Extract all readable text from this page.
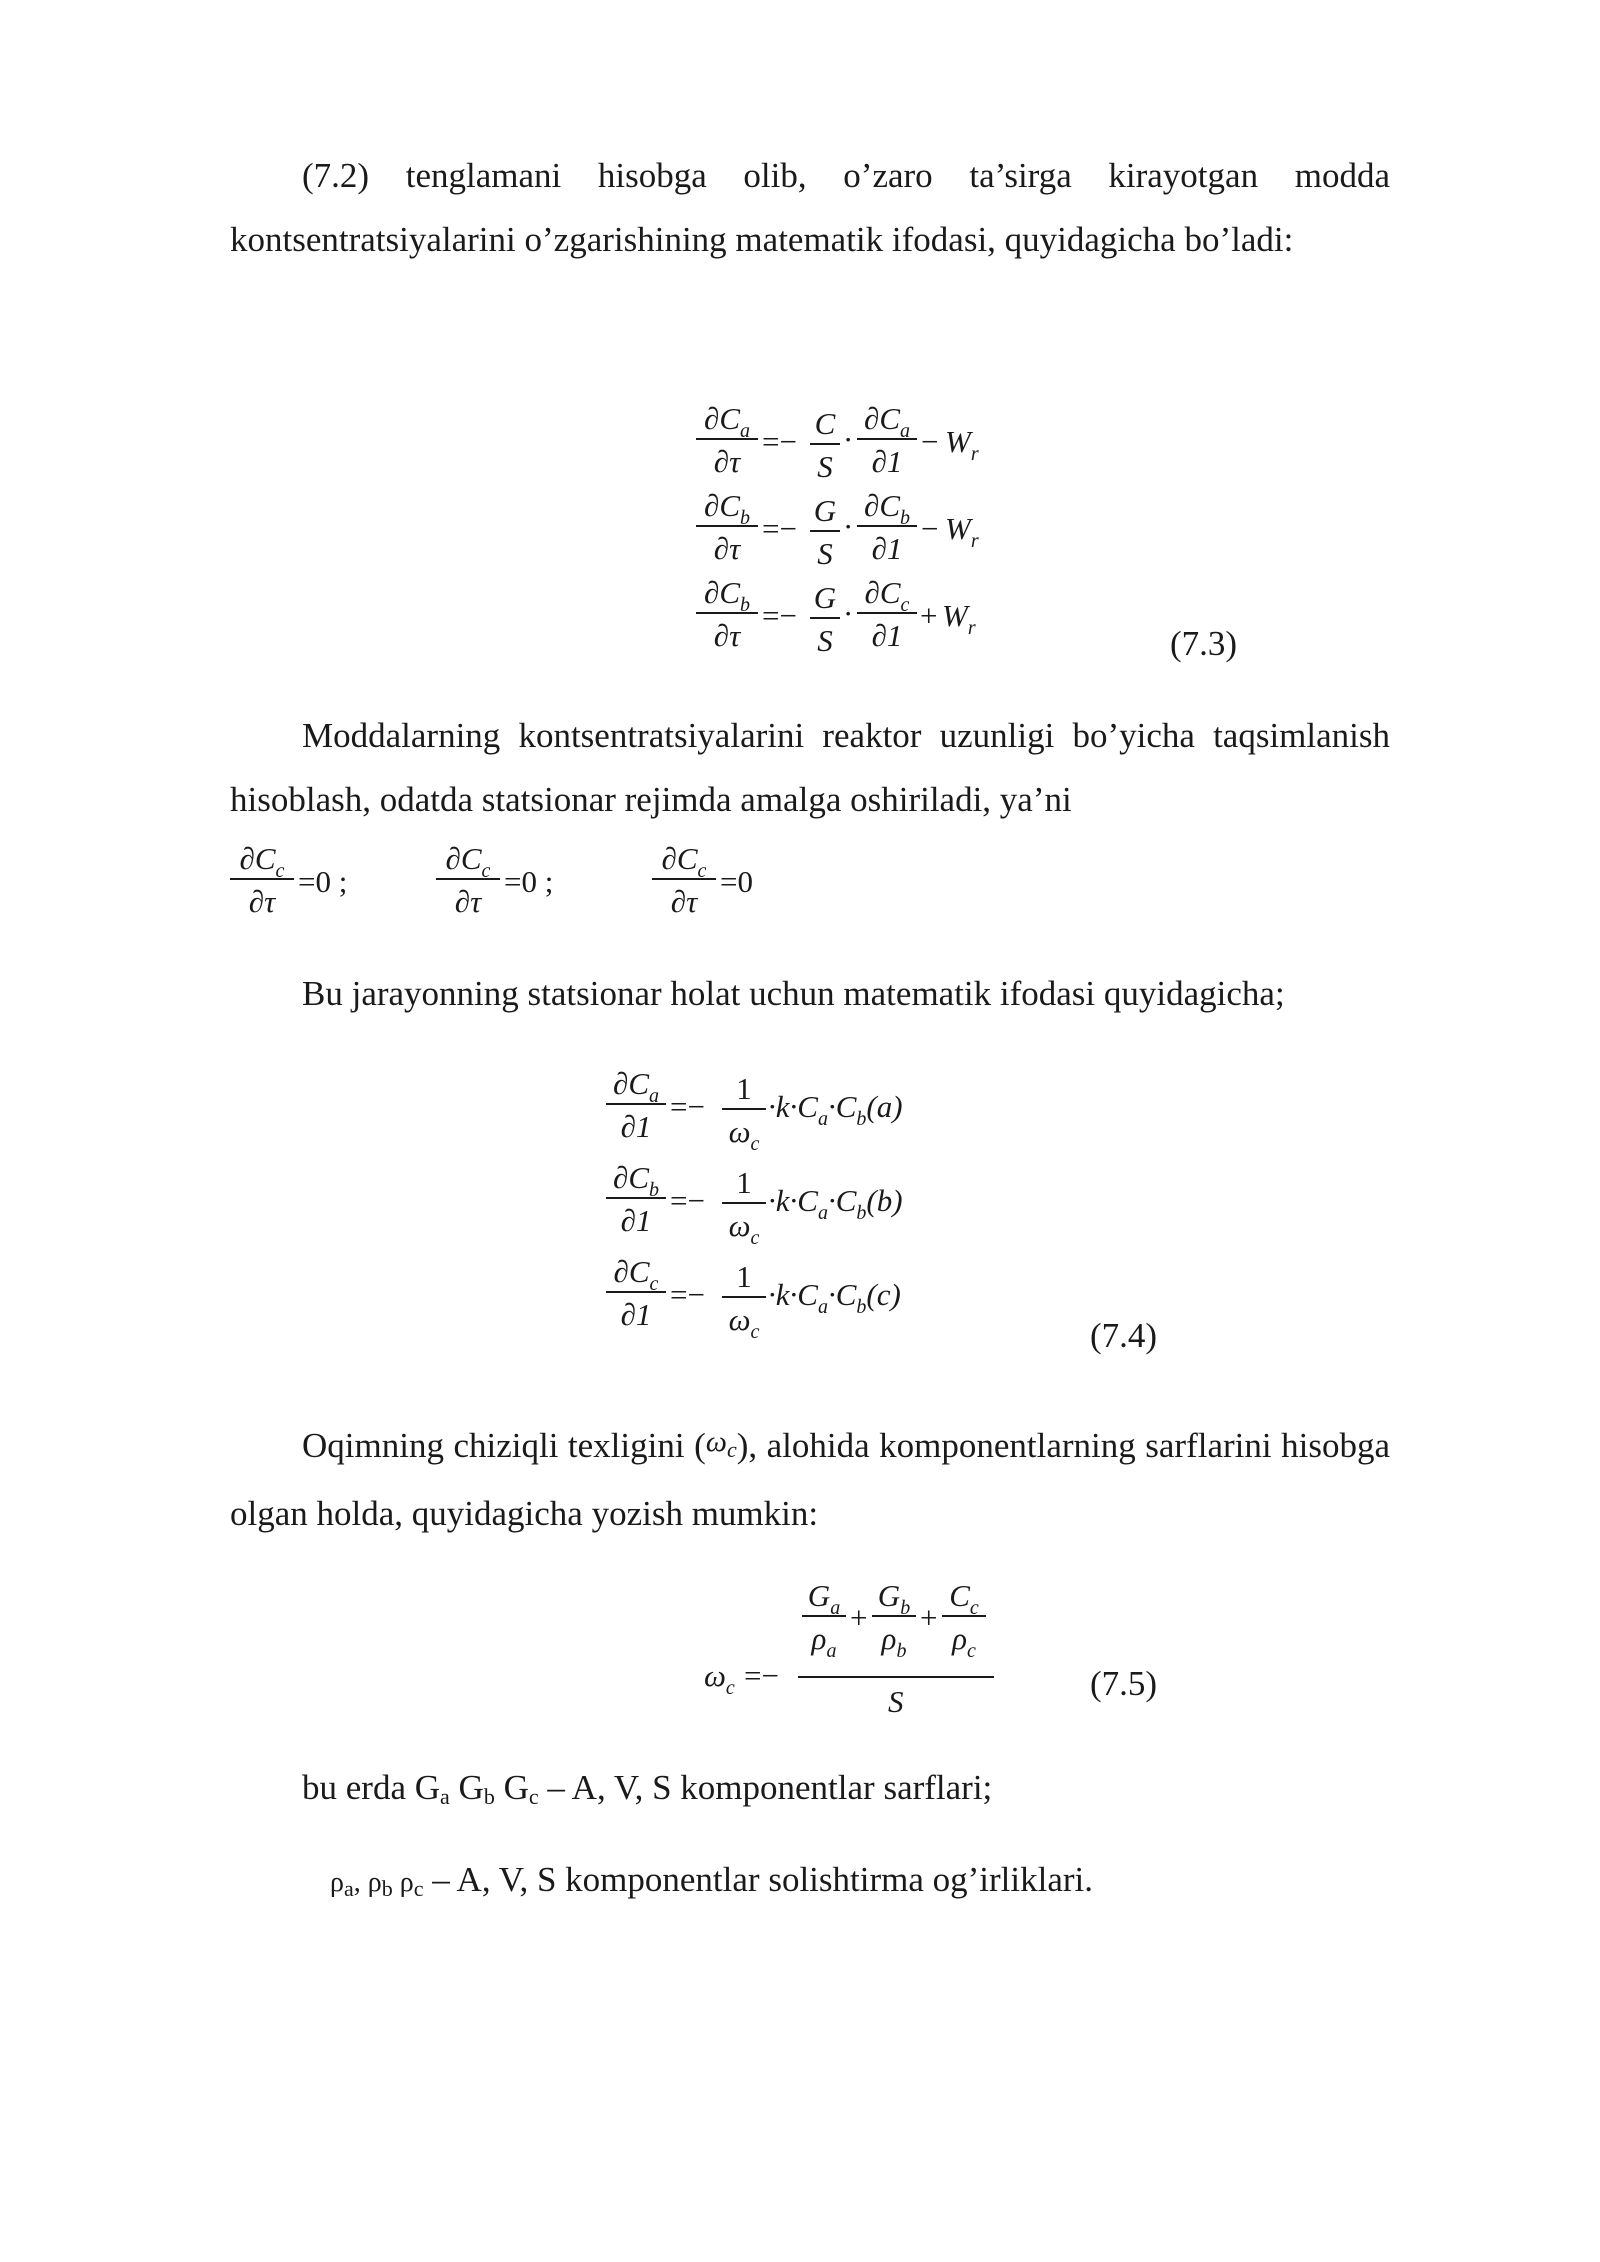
(7.2) tenglamani hisobga olib, o’zaro ta’sirga kirayotgan modda kontsentratsiyalarini o’zgarishining matematik ifodasi, quyidagicha bo’ladi:
$\partial C_a$
∂τ
=−
C
S
·
$\partial C_a$
∂1
− $W_r$
$\partial C_b$
∂τ
=−
G
S
·
$\partial C_b$
∂1
− $W_r$
$\partial C_b$
∂τ
=−
G
S
·
$\partial C_c$
∂1
+ $W_r$	(7.3)
Moddalarning kontsentratsiyalarini reaktor uzunligi bo’yicha taqsimlanish hisoblash, odatda statsionar rejimda amalga oshiriladi, ya’ni
$\partial C_c$
∂τ
=0 ;
$\partial C_c$
∂τ
=0 ;
$\partial C_c$
∂τ
=0
Bu jarayonning statsionar holat uchun matematik ifodasi quyidagicha;
$\partial C_a$
∂1
=−
1
$\omega_c$
$\cdot k\cdot C_a\cdot C_b(a)$
$\partial C_b$
∂1
=−
1
$\omega_c$
$\cdot k\cdot C_a\cdot C_b(b)$
$\partial C_c$
∂1
=−
1
$\omega_c$
$\cdot k\cdot C_a\cdot C_b(c)$
(7.4)
Oqimning chiziqli texligini (ωc), alohida komponentlarning sarflarini hisobga olgan holda, quyidagicha yozish mumkin:
$\omega_c$ =−
$G_a$
$\rho_a$
+
$G_b$
$\rho_b$
+
$C_c$
$\rho_c$
S	(7.5)
bu erda Ga Gb Gc – A, V, S komponentlar sarflari;
ρa, ρb ρc – A, V, S komponentlar solishtirma og’irliklari.
